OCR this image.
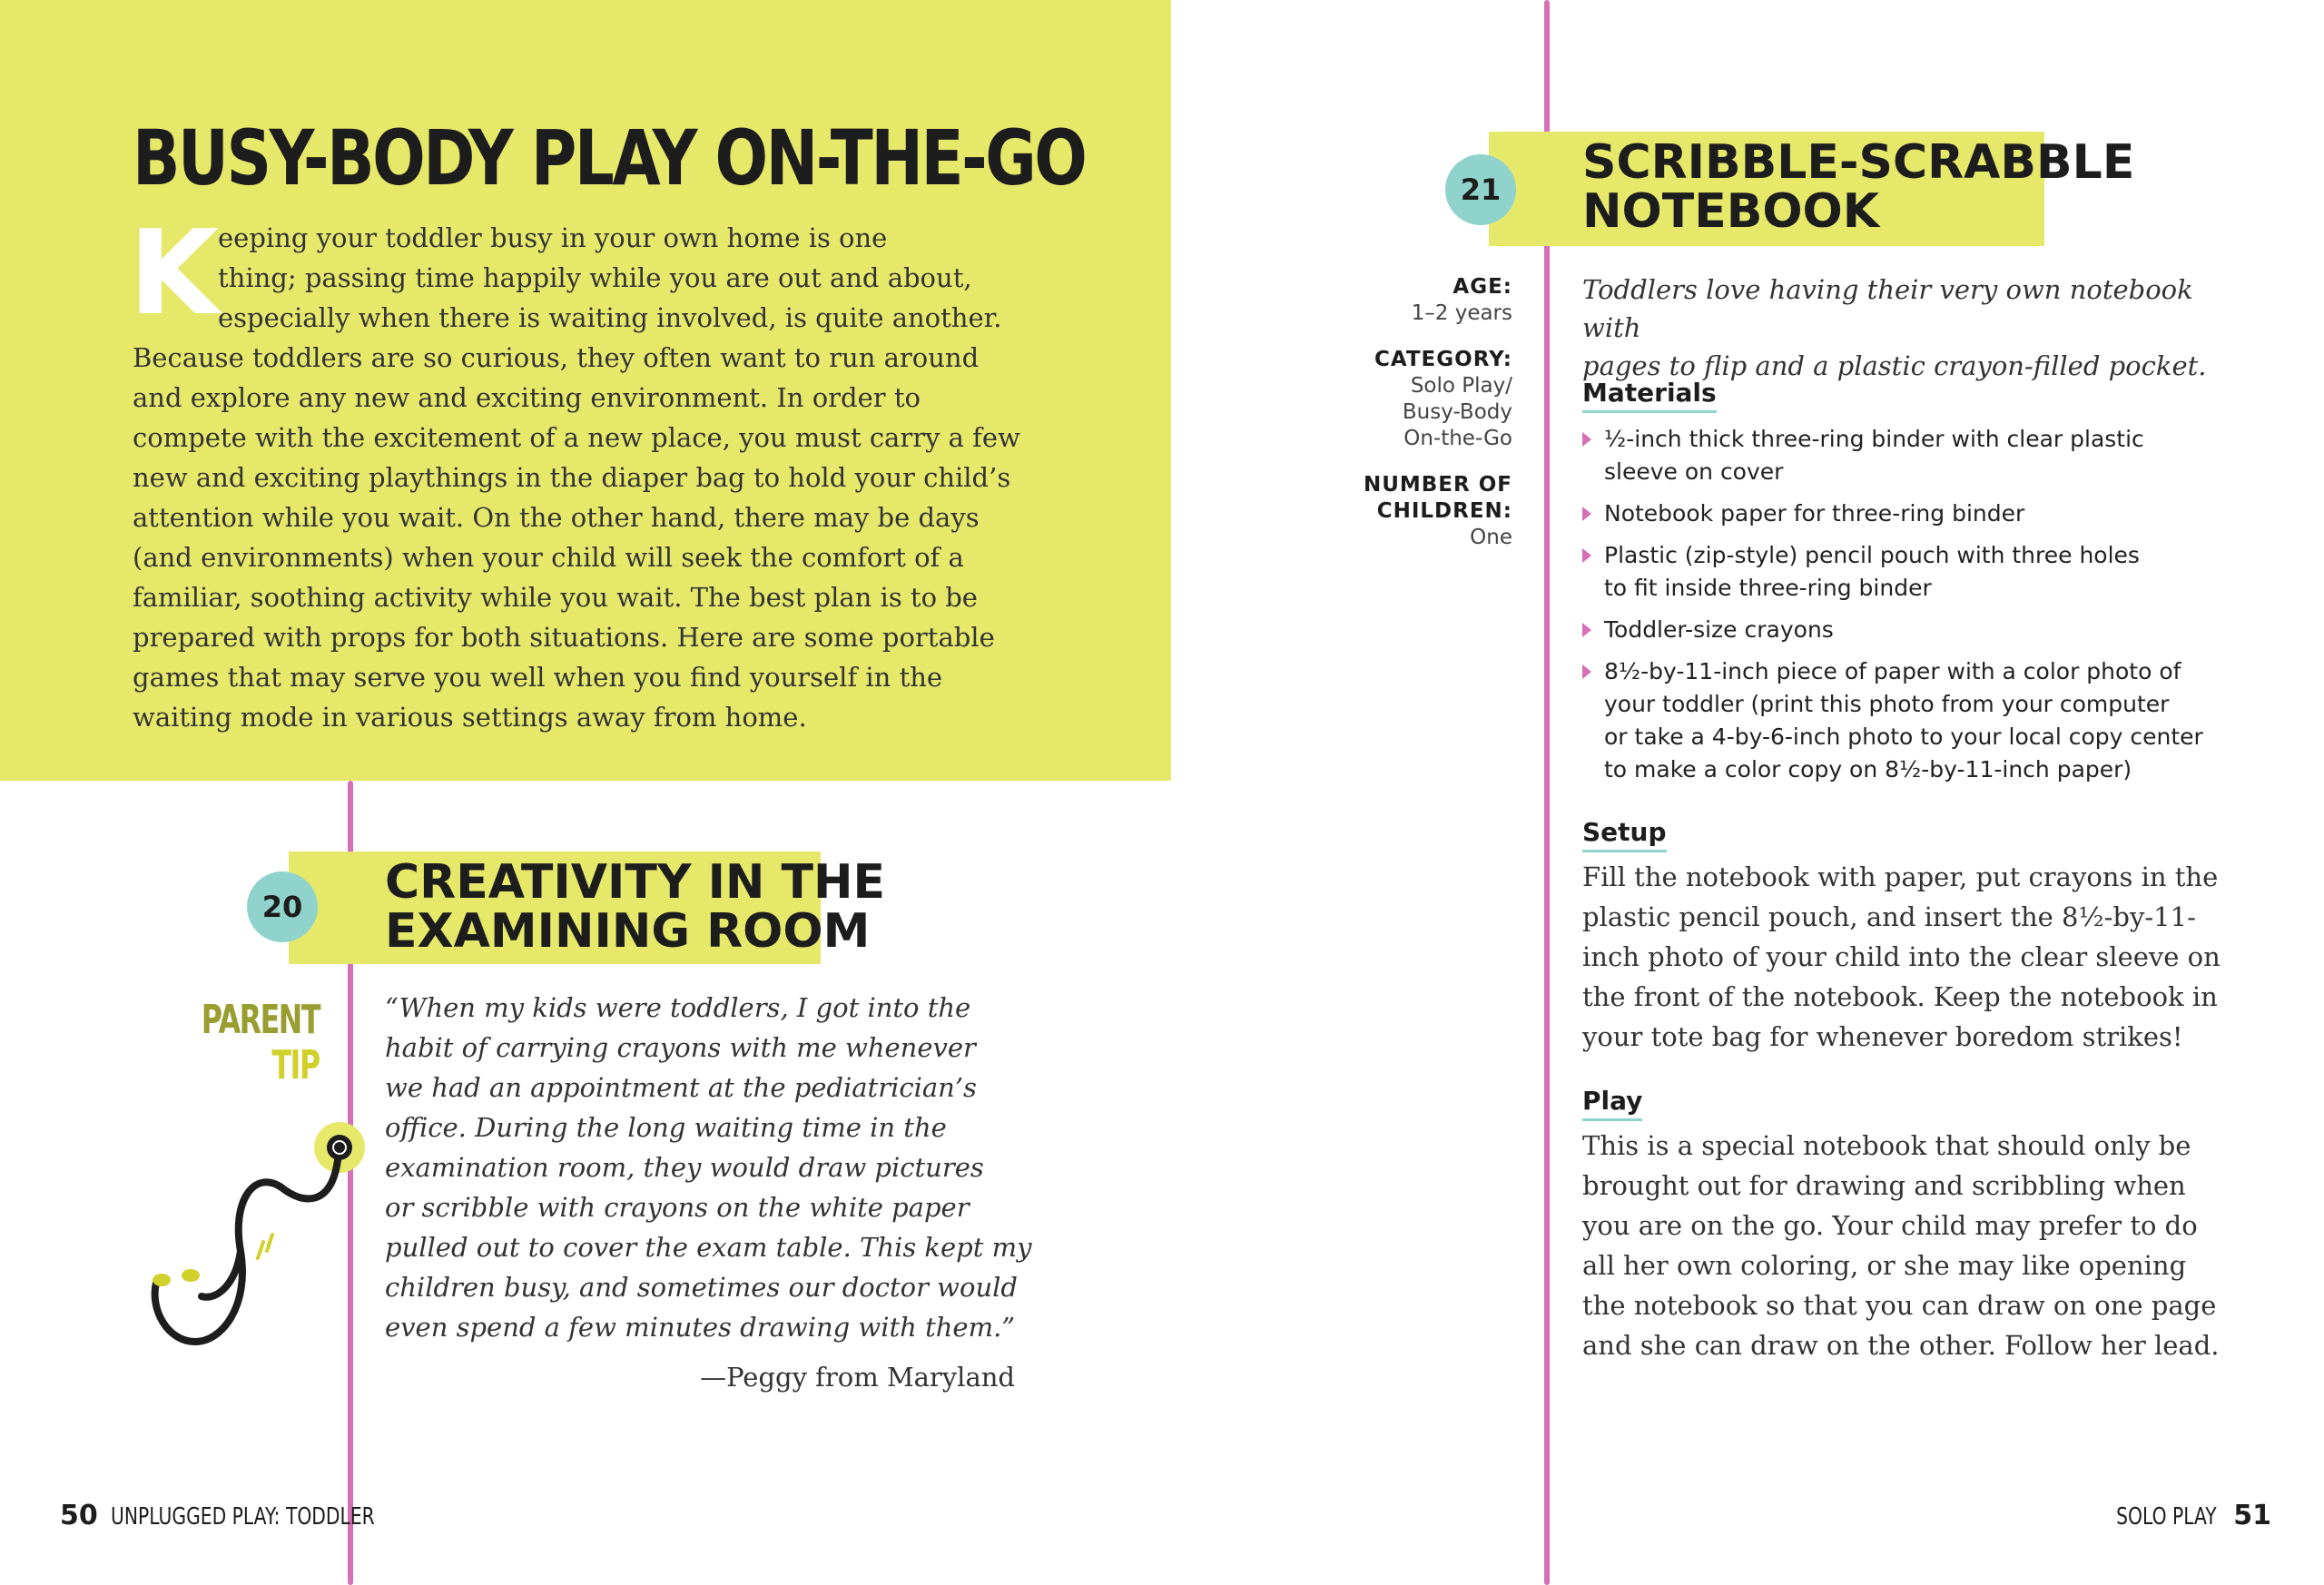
BUSY-BODY PLAY ON-THE-GO
K
eeping your toddler busy in your own home is one
thing; passing time happily while you are out and about,
especially when there is waiting involved, is quite another.
Because toddlers are so curious, they often want to run around
and explore any new and exciting environment. In order to
compete with the excitement of a new place, you must carry a few
new and exciting playthings in the diaper bag to hold your child’s
attention while you wait. On the other hand, there may be days
(and environments) when your child will seek the comfort of a
familiar, soothing activity while you wait. The best plan is to be
prepared with props for both situations. Here are some portable
games that may serve you well when you find yourself in the
waiting mode in various settings away from home.
20	CREATIVITY IN THE
EXAMINING ROOM
PARENT
TIP
“When my kids were toddlers, I got into the
habit of carrying crayons with me whenever
we had an appointment at the pediatrician’s
office. During the long waiting time in the
examination room, they would draw pictures
or scribble with crayons on the white paper
pulled out to cover the exam table. This kept my
children busy, and sometimes our doctor would
even spend a few minutes drawing with them.”
—Peggy from Maryland
21	SCRIBBLE-SCRABBLE
NOTEBOOK
AGE:
1–2 years
CATEGORY:
Solo Play/
Busy-Body
On-the-Go
NUMBER OF
CHILDREN:
One
Toddlers love having their very own notebook with
pages to flip and a plastic crayon-filled pocket.
Materials
½-inch thick three-ring binder with clear plastic
sleeve on cover
Notebook paper for three-ring binder
Plastic (zip-style) pencil pouch with three holes
to fit inside three-ring binder
Toddler-size crayons
8½-by-11-inch piece of paper with a color photo of
your toddler (print this photo from your computer
or take a 4-by-6-inch photo to your local copy center
to make a color copy on 8½-by-11-inch paper)
Setup
Fill the notebook with paper, put crayons in the
plastic pencil pouch, and insert the 8½-by-11-
inch photo of your child into the clear sleeve on
the front of the notebook. Keep the notebook in
your tote bag for whenever boredom strikes!
Play
This is a special notebook that should only be
brought out for drawing and scribbling when
you are on the go. Your child may prefer to do
all her own coloring, or she may like opening
the notebook so that you can draw on one page
and she can draw on the other. Follow her lead.
50 UNPLUGGED PLAY: TODDLER	SOLO PLAY 51
